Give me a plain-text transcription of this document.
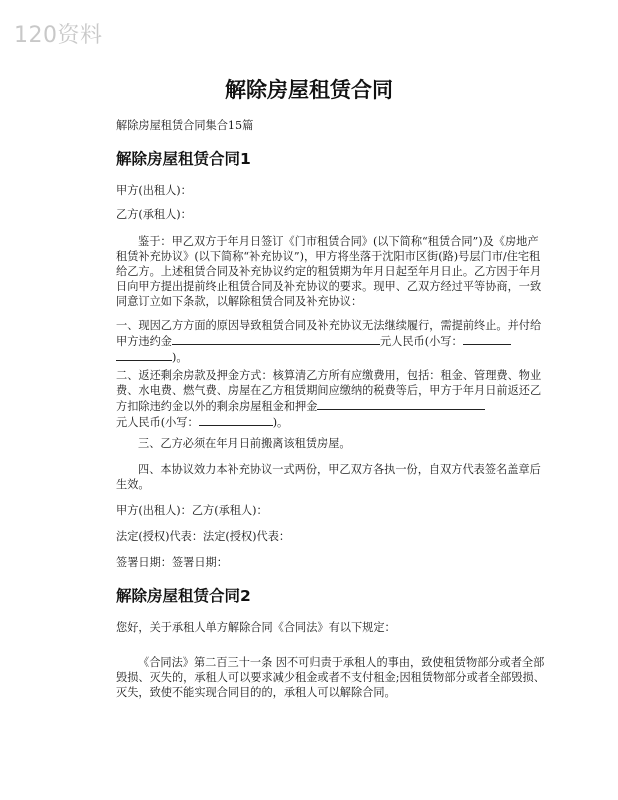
120资料
解除房屋租赁合同

解除房屋租赁合同集合15篇

解除房屋租赁合同1

甲方(出租人)：

乙方(承租人)：

鉴于：甲乙双方于年月日签订《门市租赁合同》(以下简称“租赁合同”)及《房地产租赁补充协议》(以下简称“补充协议”)，甲方将坐落于沈阳市区街(路)号层门市/住宅租给乙方。上述租赁合同及补充协议约定的租赁期为年月日起至年月日止。乙方因于年月日向甲方提出提前终止租赁合同及补充协议的要求。现甲、乙双方经过平等协商，一致同意订立如下条款，以解除租赁合同及补充协议：

一、现因乙方方面的原因导致租赁合同及补充协议无法继续履行，需提前终止。并付给甲方违约金	元人民币(小写：
)。

二、返还剩余房款及押金方式：核算清乙方所有应缴费用，包括：租金、管理费、物业费、水电费、燃气费、房屋在乙方租赁期间应缴纳的税费等后，甲方于年月日前返还乙方扣除违约金以外的剩余房屋租金和押金
元人民币(小写：	)。

三、乙方必须在年月日前搬离该租赁房屋。

四、本协议效力本补充协议一式两份，甲乙双方各执一份，自双方代表签名盖章后生效。

甲方(出租人)：乙方(承租人)：

法定(授权)代表：法定(授权)代表：

签署日期：签署日期：

解除房屋租赁合同2

您好，关于承租人单方解除合同《合同法》有以下规定：

《合同法》第二百三十一条 因不可归责于承租人的事由，致使租赁物部分或者全部毁损、灭失的，承租人可以要求减少租金或者不支付租金;因租赁物部分或者全部毁损、灭失，致使不能实现合同目的的，承租人可以解除合同。
